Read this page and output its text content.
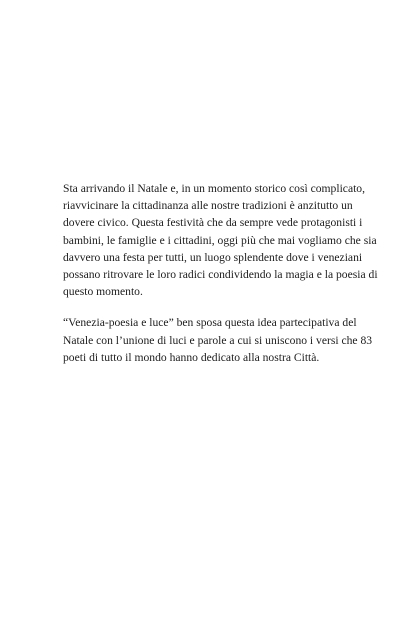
Sta arrivando il Natale e, in un momento storico così complicato,
riavvicinare la cittadinanza alle nostre tradizioni è anzitutto un
dovere civico. Questa festività che da sempre vede protagonisti i
bambini, le famiglie e i cittadini, oggi più che mai vogliamo che sia
davvero una festa per tutti, un luogo splendente dove i veneziani
possano ritrovare le loro radici condividendo la magia e la poesia di
questo momento.

“Venezia-poesia e luce” ben sposa questa idea partecipativa del
Natale con l’unione di luci e parole a cui si uniscono i versi che 83
poeti di tutto il mondo hanno dedicato alla nostra Città.
